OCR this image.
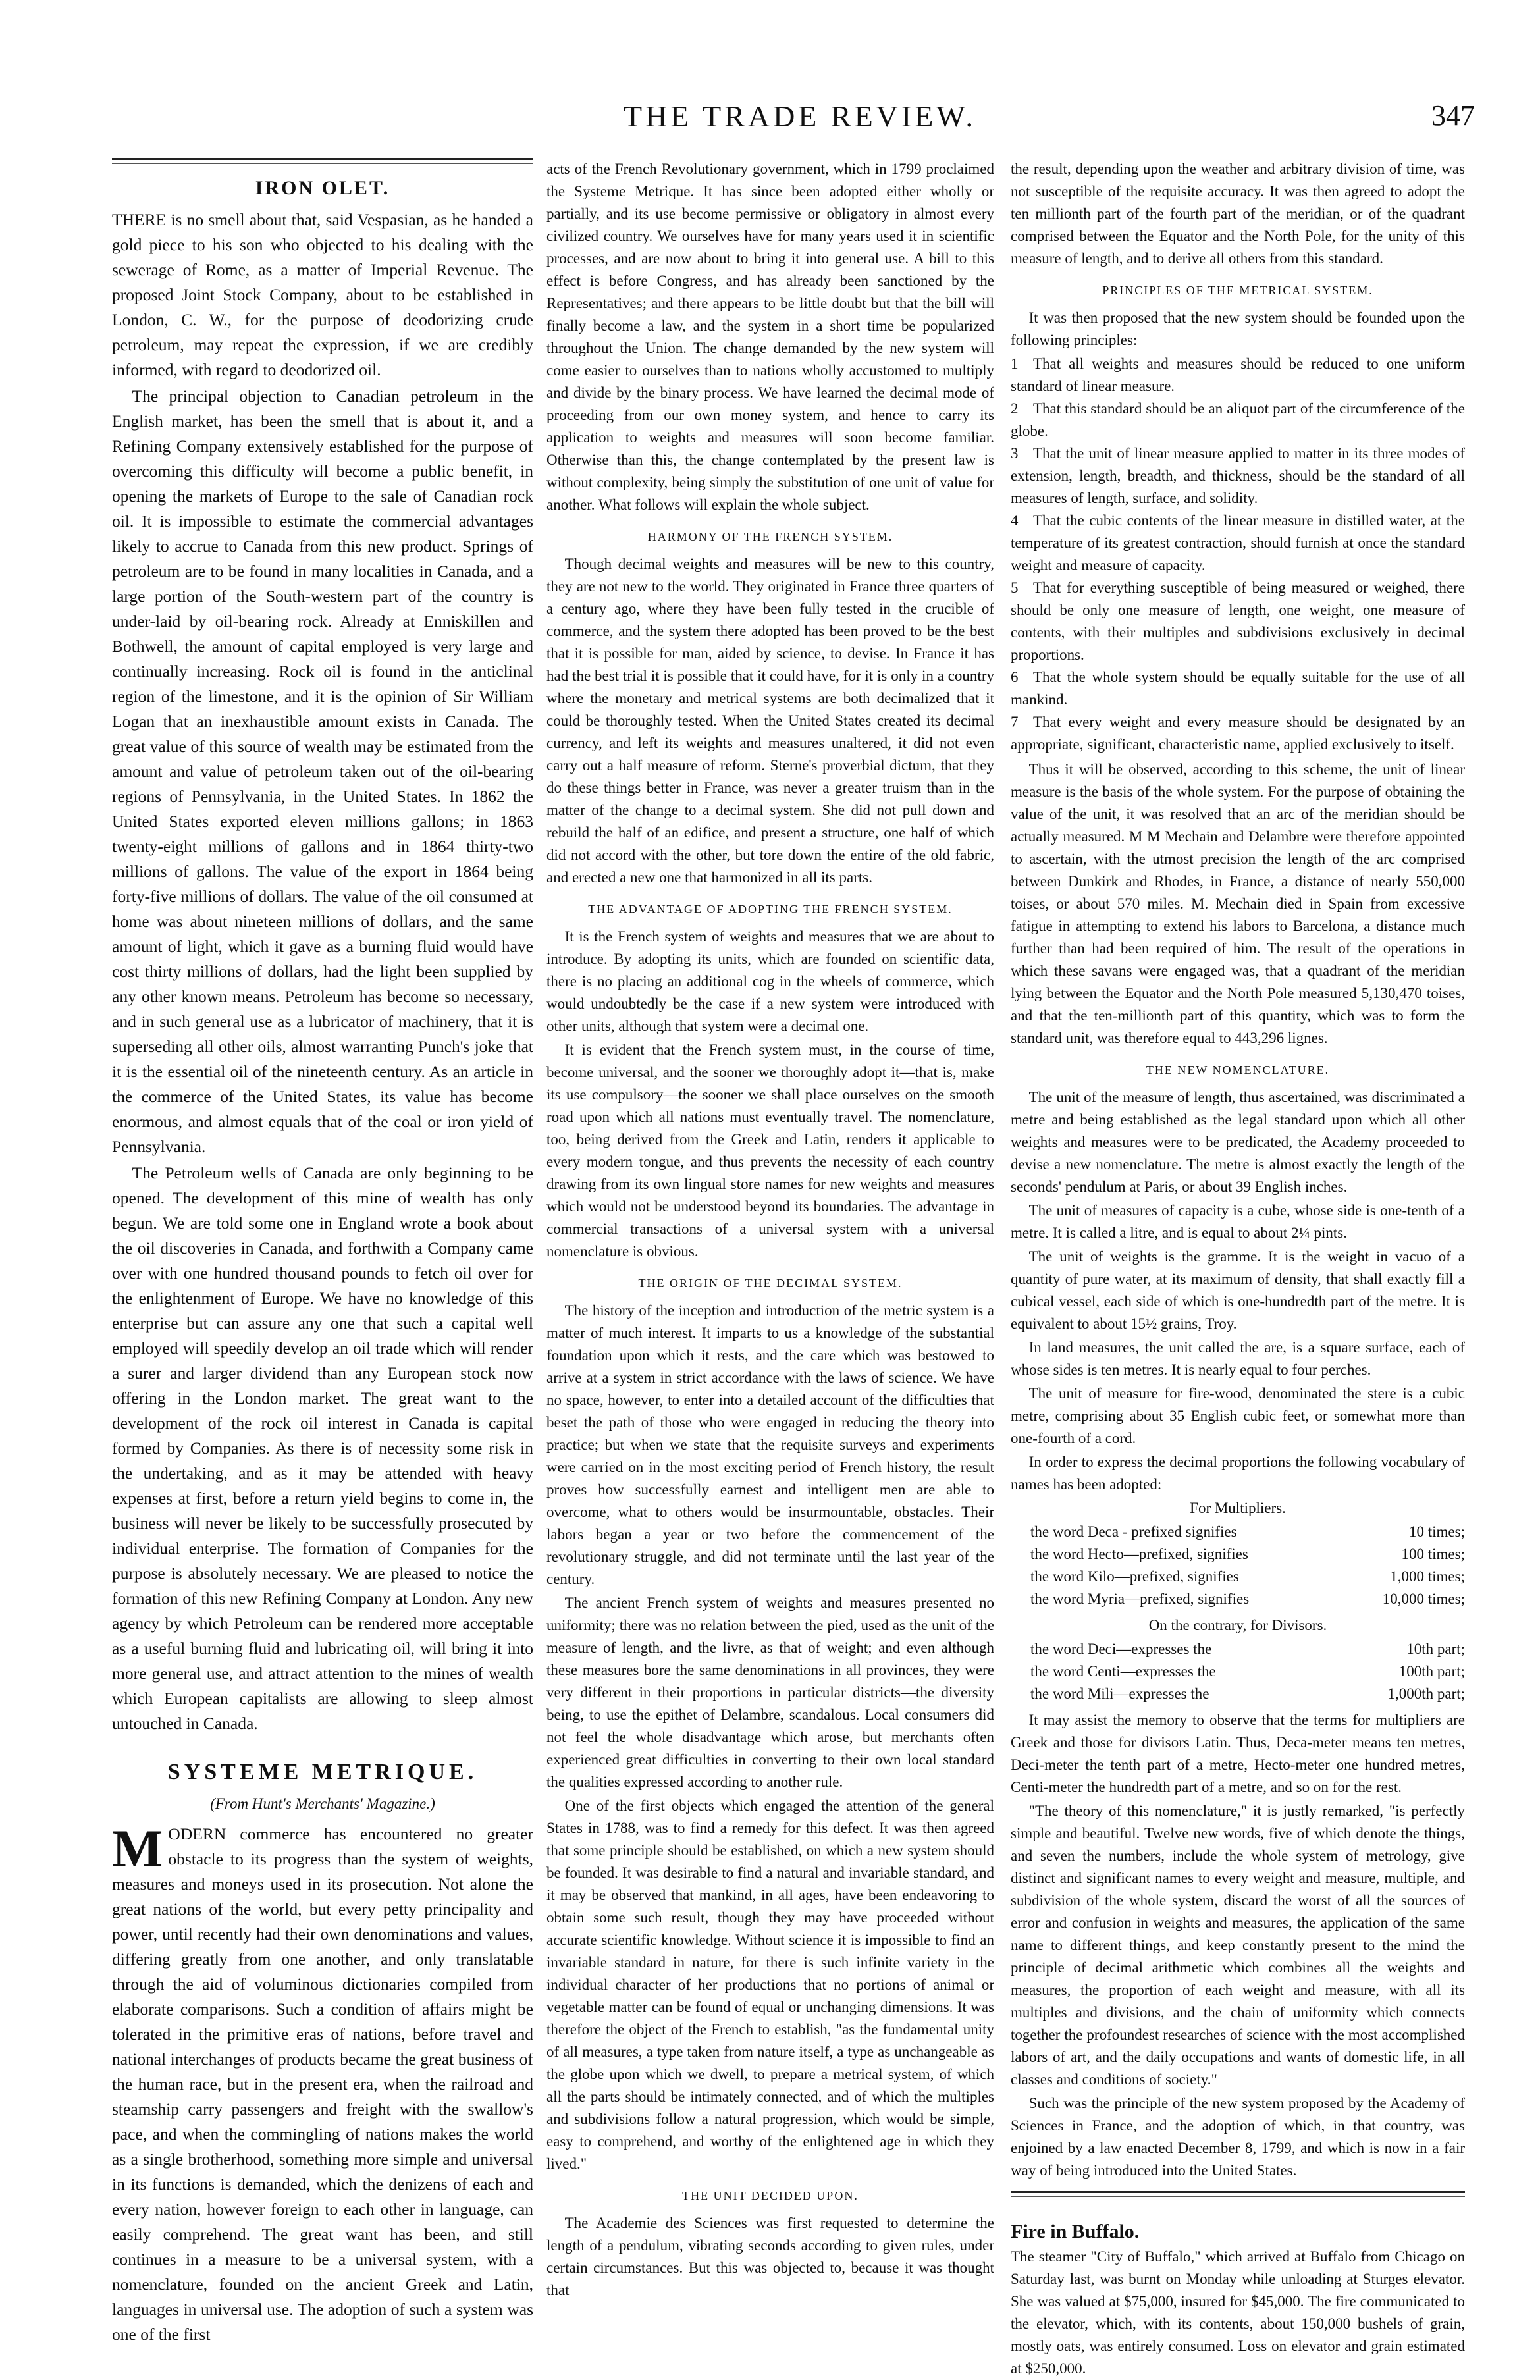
THE TRADE REVIEW.	347
IRON OLET.

THERE is no smell about that, said Vespasian, as he handed a gold piece to his son who objected to his dealing with the sewerage of Rome, as a matter of Imperial Revenue. The proposed Joint Stock Company, about to be established in London, C. W., for the purpose of deodorizing crude petroleum, may repeat the expression, if we are credibly informed, with regard to deodorized oil.

The principal objection to Canadian petroleum in the English market, has been the smell that is about it, and a Refining Company extensively established for the purpose of overcoming this difficulty will become a public benefit, in opening the markets of Europe to the sale of Canadian rock oil. It is impossible to estimate the commercial advantages likely to accrue to Canada from this new product. Springs of petroleum are to be found in many localities in Canada, and a large portion of the South-western part of the country is under-laid by oil-bearing rock. Already at Enniskillen and Bothwell, the amount of capital employed is very large and continually increasing. Rock oil is found in the anticlinal region of the limestone, and it is the opinion of Sir William Logan that an inexhaustible amount exists in Canada. The great value of this source of wealth may be estimated from the amount and value of petroleum taken out of the oil-bearing regions of Pennsylvania, in the United States. In 1862 the United States exported eleven millions gallons; in 1863 twenty-eight millions of gallons and in 1864 thirty-two millions of gallons. The value of the export in 1864 being forty-five millions of dollars. The value of the oil consumed at home was about nineteen millions of dollars, and the same amount of light, which it gave as a burning fluid would have cost thirty millions of dollars, had the light been supplied by any other known means. Petroleum has become so necessary, and in such general use as a lubricator of machinery, that it is superseding all other oils, almost warranting Punch's joke that it is the essential oil of the nineteenth century. As an article in the commerce of the United States, its value has become enormous, and almost equals that of the coal or iron yield of Pennsylvania.

The Petroleum wells of Canada are only beginning to be opened. The development of this mine of wealth has only begun. We are told some one in England wrote a book about the oil discoveries in Canada, and forthwith a Company came over with one hundred thousand pounds to fetch oil over for the enlightenment of Europe. We have no knowledge of this enterprise but can assure any one that such a capital well employed will speedily develop an oil trade which will render a surer and larger dividend than any European stock now offering in the London market. The great want to the development of the rock oil interest in Canada is capital formed by Companies. As there is of necessity some risk in the undertaking, and as it may be attended with heavy expenses at first, before a return yield begins to come in, the business will never be likely to be successfully prosecuted by individual enterprise. The formation of Companies for the purpose is absolutely necessary. We are pleased to notice the formation of this new Refining Company at London. Any new agency by which Petroleum can be rendered more acceptable as a useful burning fluid and lubricating oil, will bring it into more general use, and attract attention to the mines of wealth which European capitalists are allowing to sleep almost untouched in Canada.

SYSTEME METRIQUE.
(From Hunt's Merchants' Magazine.)

MODERN commerce has encountered no greater obstacle to its progress than the system of weights, measures and moneys used in its prosecution. Not alone the great nations of the world, but every petty principality and power, until recently had their own denominations and values, differing greatly from one another, and only translatable through the aid of voluminous dictionaries compiled from elaborate comparisons. Such a condition of affairs might be tolerated in the primitive eras of nations, before travel and national interchanges of products became the great business of the human race, but in the present era, when the railroad and steamship carry passengers and freight with the swallow's pace, and when the commingling of nations makes the world as a single brotherhood, something more simple and universal in its functions is demanded, which the denizens of each and every nation, however foreign to each other in language, can easily comprehend. The great want has been, and still continues in a measure to be a universal system, with a nomenclature, founded on the ancient Greek and Latin, languages in universal use. The adoption of such a system was one of the first

acts of the French Revolutionary government, which in 1799 proclaimed the Systeme Metrique. It has since been adopted either wholly or partially, and its use become permissive or obligatory in almost every civilized country. We ourselves have for many years used it in scientific processes, and are now about to bring it into general use. A bill to this effect is before Congress, and has already been sanctioned by the Representatives; and there appears to be little doubt but that the bill will finally become a law, and the system in a short time be popularized throughout the Union. The change demanded by the new system will come easier to ourselves than to nations wholly accustomed to multiply and divide by the binary process. We have learned the decimal mode of proceeding from our own money system, and hence to carry its application to weights and measures will soon become familiar. Otherwise than this, the change contemplated by the present law is without complexity, being simply the substitution of one unit of value for another. What follows will explain the whole subject.

HARMONY OF THE FRENCH SYSTEM.

Though decimal weights and measures will be new to this country, they are not new to the world. They originated in France three quarters of a century ago, where they have been fully tested in the crucible of commerce, and the system there adopted has been proved to be the best that it is possible for man, aided by science, to devise. In France it has had the best trial it is possible that it could have, for it is only in a country where the monetary and metrical systems are both decimalized that it could be thoroughly tested. When the United States created its decimal currency, and left its weights and measures unaltered, it did not even carry out a half measure of reform. Sterne's proverbial dictum, that they do these things better in France, was never a greater truism than in the matter of the change to a decimal system. She did not pull down and rebuild the half of an edifice, and present a structure, one half of which did not accord with the other, but tore down the entire of the old fabric, and erected a new one that harmonized in all its parts.

THE ADVANTAGE OF ADOPTING THE FRENCH SYSTEM.

It is the French system of weights and measures that we are about to introduce. By adopting its units, which are founded on scientific data, there is no placing an additional cog in the wheels of commerce, which would undoubtedly be the case if a new system were introduced with other units, although that system were a decimal one.

It is evident that the French system must, in the course of time, become universal, and the sooner we thoroughly adopt it—that is, make its use compulsory—the sooner we shall place ourselves on the smooth road upon which all nations must eventually travel. The nomenclature, too, being derived from the Greek and Latin, renders it applicable to every modern tongue, and thus prevents the necessity of each country drawing from its own lingual store names for new weights and measures which would not be understood beyond its boundaries. The advantage in commercial transactions of a universal system with a universal nomenclature is obvious.

THE ORIGIN OF THE DECIMAL SYSTEM.

The history of the inception and introduction of the metric system is a matter of much interest. It imparts to us a knowledge of the substantial foundation upon which it rests, and the care which was bestowed to arrive at a system in strict accordance with the laws of science. We have no space, however, to enter into a detailed account of the difficulties that beset the path of those who were engaged in reducing the theory into practice; but when we state that the requisite surveys and experiments were carried on in the most exciting period of French history, the result proves how successfully earnest and intelligent men are able to overcome, what to others would be insurmountable, obstacles. Their labors began a year or two before the commencement of the revolutionary struggle, and did not terminate until the last year of the century.

The ancient French system of weights and measures presented no uniformity; there was no relation between the pied, used as the unit of the measure of length, and the livre, as that of weight; and even although these measures bore the same denominations in all provinces, they were very different in their proportions in particular districts—the diversity being, to use the epithet of Delambre, scandalous. Local consumers did not feel the whole disadvantage which arose, but merchants often experienced great difficulties in converting to their own local standard the qualities expressed according to another rule.

One of the first objects which engaged the attention of the general States in 1788, was to find a remedy for this defect. It was then agreed that some principle should be established, on which a new system should be founded. It was desirable to find a natural and invariable standard, and it may be observed that mankind, in all ages, have been endeavoring to obtain some such result, though they may have proceeded without accurate scientific knowledge. Without science it is impossible to find an invariable standard in nature, for there is such infinite variety in the individual character of her productions that no portions of animal or vegetable matter can be found of equal or unchanging dimensions. It was therefore the object of the French to establish, "as the fundamental unity of all measures, a type taken from nature itself, a type as unchangeable as the globe upon which we dwell, to prepare a metrical system, of which all the parts should be intimately connected, and of which the multiples and subdivisions follow a natural progression, which would be simple, easy to comprehend, and worthy of the enlightened age in which they lived."

THE UNIT DECIDED UPON.

The Academie des Sciences was first requested to determine the length of a pendulum, vibrating seconds according to given rules, under certain circumstances. But this was objected to, because it was thought that

the result, depending upon the weather and arbitrary division of time, was not susceptible of the requisite accuracy. It was then agreed to adopt the ten millionth part of the fourth part of the meridian, or of the quadrant comprised between the Equator and the North Pole, for the unity of this measure of length, and to derive all others from this standard.

PRINCIPLES OF THE METRICAL SYSTEM.

It was then proposed that the new system should be founded upon the following principles:

1 That all weights and measures should be reduced to one uniform standard of linear measure.
2 That this standard should be an aliquot part of the circumference of the globe.
3 That the unit of linear measure applied to matter in its three modes of extension, length, breadth, and thickness, should be the standard of all measures of length, surface, and solidity.
4 That the cubic contents of the linear measure in distilled water, at the temperature of its greatest contraction, should furnish at once the standard weight and measure of capacity.
5 That for everything susceptible of being measured or weighed, there should be only one measure of length, one weight, one measure of contents, with their multiples and subdivisions exclusively in decimal proportions.
6 That the whole system should be equally suitable for the use of all mankind.
7 That every weight and every measure should be designated by an appropriate, significant, characteristic name, applied exclusively to itself.

Thus it will be observed, according to this scheme, the unit of linear measure is the basis of the whole system. For the purpose of obtaining the value of the unit, it was resolved that an arc of the meridian should be actually measured. M M Mechain and Delambre were therefore appointed to ascertain, with the utmost precision the length of the arc comprised between Dunkirk and Rhodes, in France, a distance of nearly 550,000 toises, or about 570 miles. M. Mechain died in Spain from excessive fatigue in attempting to extend his labors to Barcelona, a distance much further than had been required of him. The result of the operations in which these savans were engaged was, that a quadrant of the meridian lying between the Equator and the North Pole measured 5,130,470 toises, and that the ten-millionth part of this quantity, which was to form the standard unit, was therefore equal to 443,296 lignes.

THE NEW NOMENCLATURE.

The unit of the measure of length, thus ascertained, was discriminated a metre and being established as the legal standard upon which all other weights and measures were to be predicated, the Academy proceeded to devise a new nomenclature. The metre is almost exactly the length of the seconds' pendulum at Paris, or about 39 English inches.

The unit of measures of capacity is a cube, whose side is one-tenth of a metre. It is called a litre, and is equal to about 2¼ pints.

The unit of weights is the gramme. It is the weight in vacuo of a quantity of pure water, at its maximum of density, that shall exactly fill a cubical vessel, each side of which is one-hundredth part of the metre. It is equivalent to about 15½ grains, Troy.

In land measures, the unit called the are, is a square surface, each of whose sides is ten metres. It is nearly equal to four perches.

The unit of measure for fire-wood, denominated the stere is a cubic metre, comprising about 35 English cubic feet, or somewhat more than one-fourth of a cord.

In order to express the decimal proportions the following vocabulary of names has been adopted:

For Multipliers.

the word Deca - prefixed signifies	10 times;
the word Hecto—prefixed, signifies	100 times;
the word Kilo—prefixed, signifies	1,000 times;
the word Myria—prefixed, signifies	10,000 times;

On the contrary, for Divisors.

the word Deci—expresses the	10th part;
the word Centi—expresses the	100th part;
the word Mili—expresses the	1,000th part;

It may assist the memory to observe that the terms for multipliers are Greek and those for divisors Latin. Thus, Deca-meter means ten metres, Deci-meter the tenth part of a metre, Hecto-meter one hundred metres, Centi-meter the hundredth part of a metre, and so on for the rest.

"The theory of this nomenclature," it is justly remarked, "is perfectly simple and beautiful. Twelve new words, five of which denote the things, and seven the numbers, include the whole system of metrology, give distinct and significant names to every weight and measure, multiple, and subdivision of the whole system, discard the worst of all the sources of error and confusion in weights and measures, the application of the same name to different things, and keep constantly present to the mind the principle of decimal arithmetic which combines all the weights and measures, the proportion of each weight and measure, with all its multiples and divisions, and the chain of uniformity which connects together the profoundest researches of science with the most accomplished labors of art, and the daily occupations and wants of domestic life, in all classes and conditions of society."

Such was the principle of the new system proposed by the Academy of Sciences in France, and the adoption of which, in that country, was enjoined by a law enacted December 8, 1799, and which is now in a fair way of being introduced into the United States.

Fire in Buffalo.

The steamer "City of Buffalo," which arrived at Buffalo from Chicago on Saturday last, was burnt on Monday while unloading at Sturges elevator. She was valued at $75,000, insured for $45,000. The fire communicated to the elevator, which, with its contents, about 150,000 bushels of grain, mostly oats, was entirely consumed. Loss on elevator and grain estimated at $250,000.
